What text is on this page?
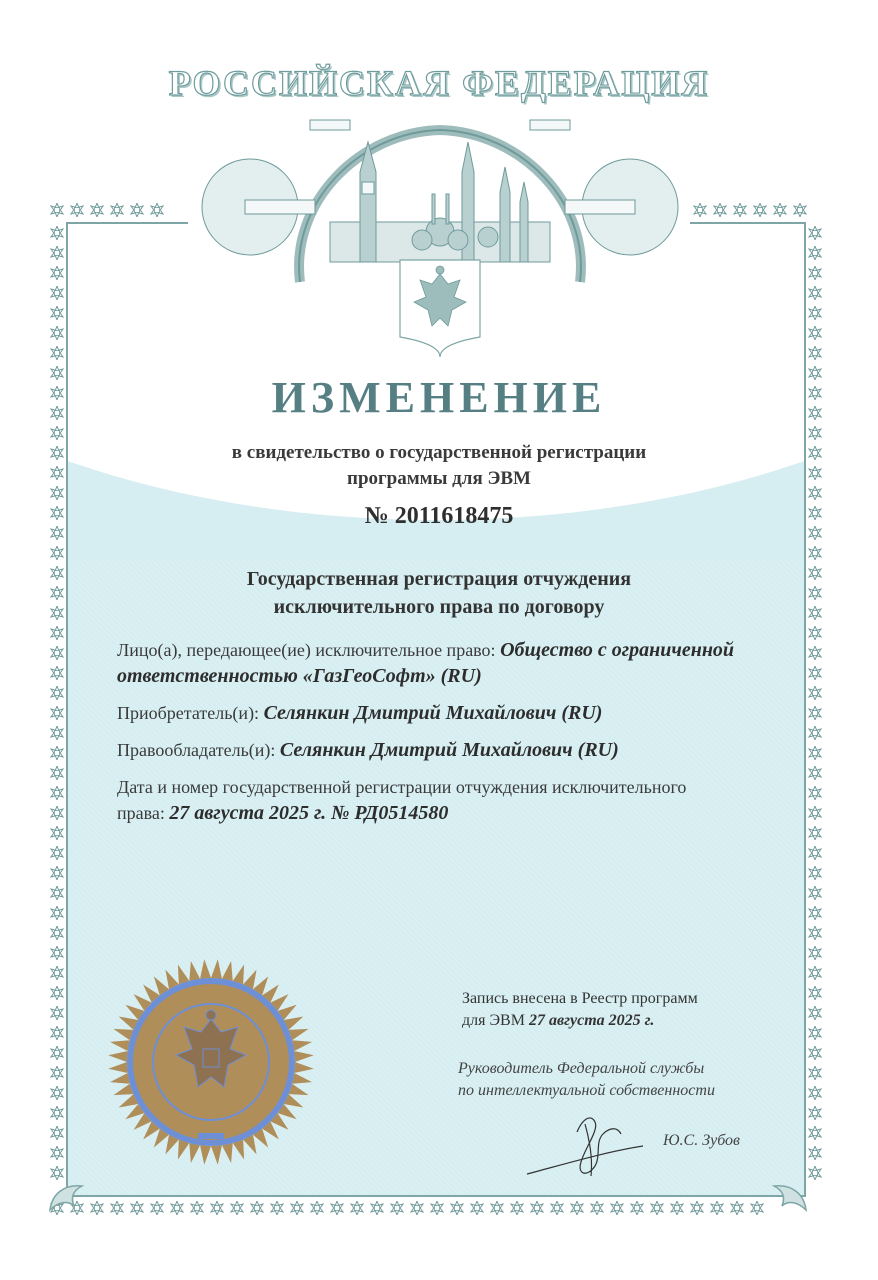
РОССИЙСКАЯ ФЕДЕРАЦИЯ
ИЗМЕНЕНИЕ
в свидетельство о государственной регистрации
программы для ЭВМ
№ 2011618475
Государственная регистрация отчуждения
исключительного права по договору
Лицо(а), передающее(ие) исключительное право: Общество с ограниченной ответственностью «ГазГеоСофт» (RU)
Приобретатель(и): Селянкин Дмитрий Михайлович (RU)
Правообладатель(и): Селянкин Дмитрий Михайлович (RU)
Дата и номер государственной регистрации отчуждения исключительного права: 27 августа 2025 г. № РД0514580
Запись внесена в Реестр программ
для ЭВМ 27 августа 2025 г.
Руководитель Федеральной службы
по интеллектуальной собственности
Ю.С. Зубов
